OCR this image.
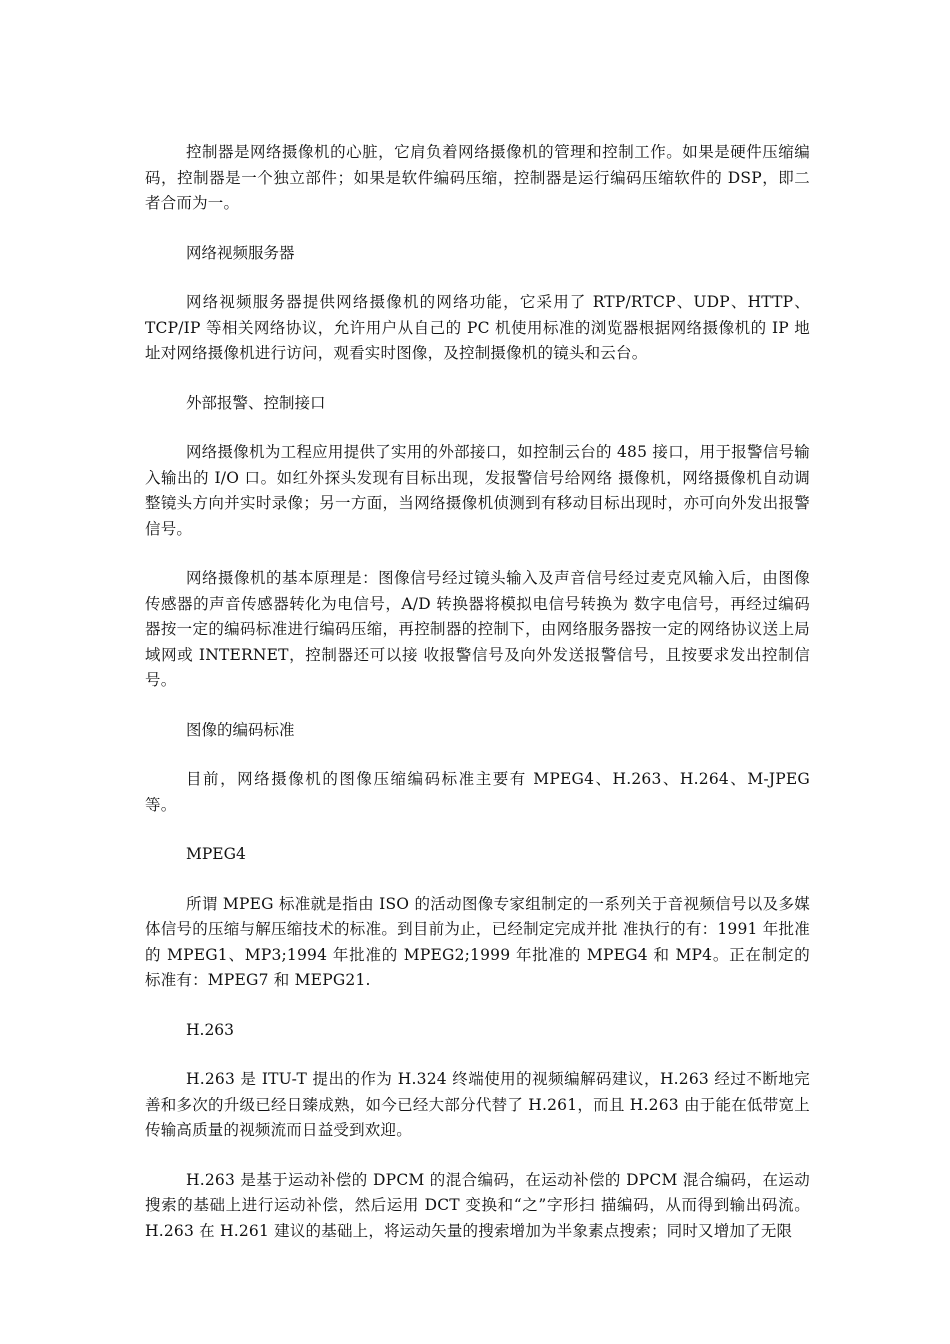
控制器是网络摄像机的心脏，它肩负着网络摄像机的管理和控制工作。如果是硬件压缩编码，控制器是一个独立部件；如果是软件编码压缩，控制器是运行编码压缩软件的 DSP，即二者合而为一。

网络视频服务器

网络视频服务器提供网络摄像机的网络功能，它采用了 RTP/RTCP、UDP、HTTP、TCP/IP 等相关网络协议，允许用户从自己的 PC 机使用标准的浏览器根据网络摄像机的 IP 地址对网络摄像机进行访问，观看实时图像，及控制摄像机的镜头和云台。

外部报警、控制接口

网络摄像机为工程应用提供了实用的外部接口，如控制云台的 485 接口，用于报警信号输入输出的 I/O 口。如红外探头发现有目标出现，发报警信号给网络 摄像机，网络摄像机自动调整镜头方向并实时录像；另一方面，当网络摄像机侦测到有移动目标出现时，亦可向外发出报警信号。

网络摄像机的基本原理是：图像信号经过镜头输入及声音信号经过麦克风输入后，由图像传感器的声音传感器转化为电信号，A/D 转换器将模拟电信号转换为 数字电信号，再经过编码器按一定的编码标准进行编码压缩，再控制器的控制下，由网络服务器按一定的网络协议送上局域网或 INTERNET，控制器还可以接 收报警信号及向外发送报警信号，且按要求发出控制信号。

图像的编码标准

目前，网络摄像机的图像压缩编码标准主要有 MPEG4、H.263、H.264、M-JPEG 等。

MPEG4

所谓 MPEG 标准就是指由 ISO 的活动图像专家组制定的一系列关于音视频信号以及多媒体信号的压缩与解压缩技术的标准。到目前为止，已经制定完成并批 准执行的有：1991 年批准的 MPEG1、MP3;1994 年批准的 MPEG2;1999 年批准的 MPEG4 和 MP4。正在制定的标准有：MPEG7 和 MEPG21.

H.263

H.263 是 ITU-T 提出的作为 H.324 终端使用的视频编解码建议，H.263 经过不断地完善和多次的升级已经日臻成熟，如今已经大部分代替了 H.261，而且 H.263 由于能在低带宽上传输高质量的视频流而日益受到欢迎。

H.263 是基于运动补偿的 DPCM 的混合编码，在运动补偿的 DPCM 混合编码，在运动搜索的基础上进行运动补偿，然后运用 DCT 变换和“之”字形扫 描编码，从而得到输出码流。H.263 在 H.261 建议的基础上，将运动矢量的搜索增加为半象素点搜索；同时又增加了无限
